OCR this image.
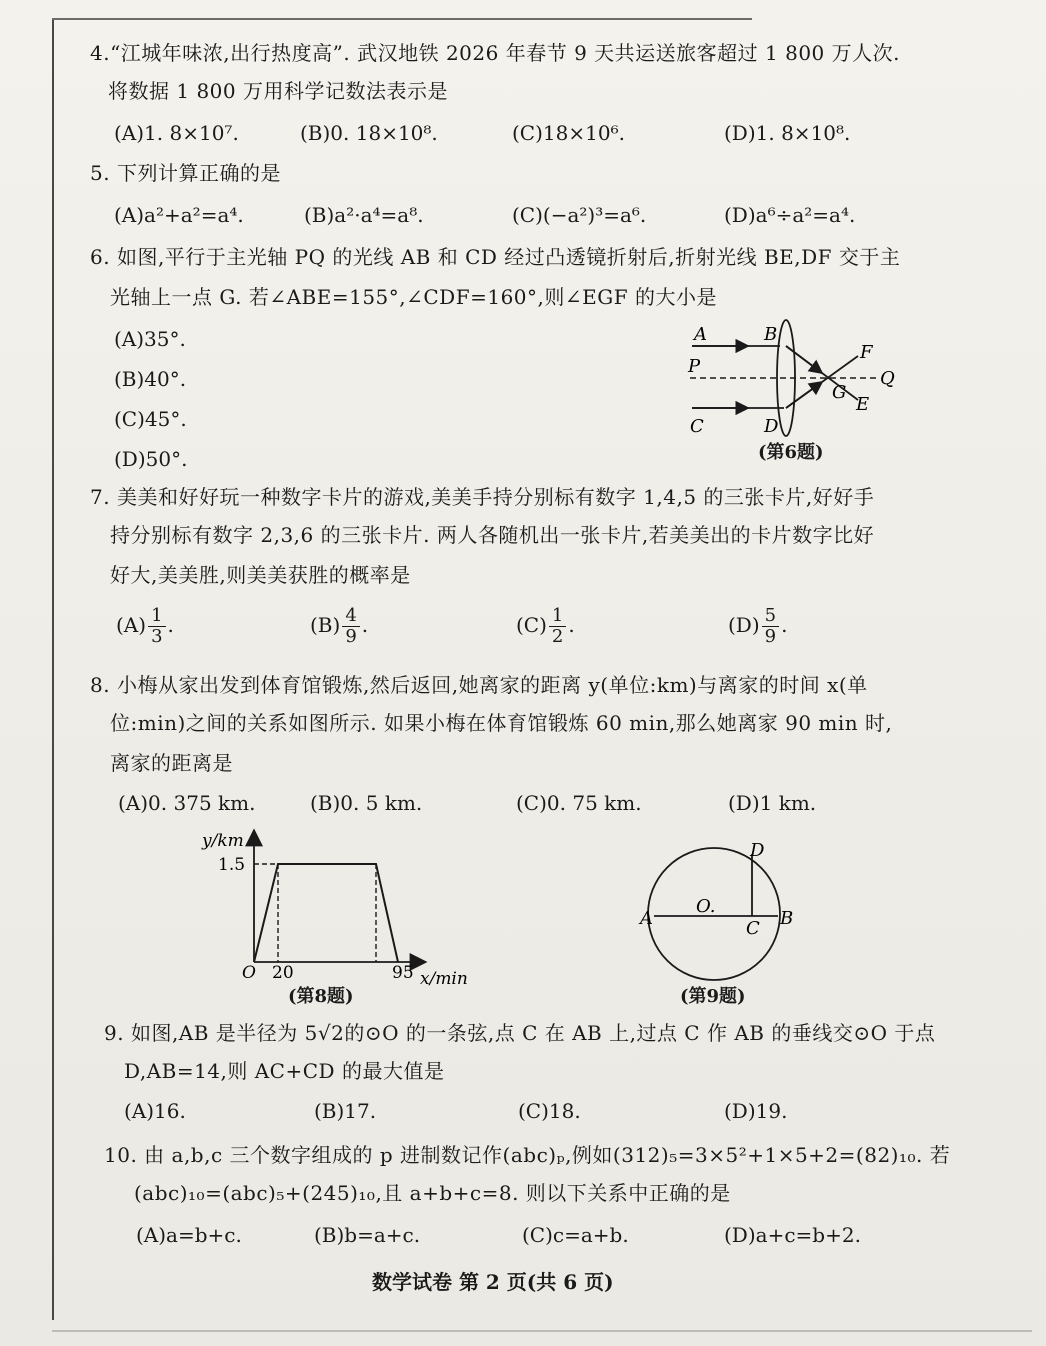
4.“江城年味浓,出行热度高”. 武汉地铁 2026 年春节 9 天共运送旅客超过 1 800 万人次.
将数据 1 800 万用科学记数法表示是
(A)1. 8×10⁷.	(B)0. 18×10⁸.	(C)18×10⁶.	(D)1. 8×10⁸.
5. 下列计算正确的是
(A)a²+a²=a⁴.	(B)a²·a⁴=a⁸.	(C)(−a²)³=a⁶.	(D)a⁶÷a²=a⁴.
6. 如图,平行于主光轴 PQ 的光线 AB 和 CD 经过凸透镜折射后,折射光线 BE,DF 交于主
光轴上一点 G. 若∠ABE=155°,∠CDF=160°,则∠EGF 的大小是
(A)35°.
(B)40°.
(C)45°.
(D)50°.
A	B
P
C	D
F
G
Q
E
(第6题)
7. 美美和好好玩一种数字卡片的游戏,美美手持分别标有数字 1,4,5 的三张卡片,好好手
持分别标有数字 2,3,6 的三张卡片. 两人各随机出一张卡片,若美美出的卡片数字比好
好大,美美胜,则美美获胜的概率是
$(A) \frac{1}{3}$ .	$(B) \frac{4}{9}$ .	$(C) \frac{1}{2}$ .	$(D) \frac{5}{9}$ .
8. 小梅从家出发到体育馆锻炼,然后返回,她离家的距离 y(单位:km)与离家的时间 x(单
位:min)之间的关系如图所示. 如果小梅在体育馆锻炼 60 min,那么她离家 90 min 时,
离家的距离是
(A)0. 375 km.	(B)0. 5 km.	(C)0. 75 km.	(D)1 km.
y/km
1.5
O 20	95 x/min
(第8题)
D
O.
A	C B
(第9题)
9. 如图,AB 是半径为 5√2的⊙O 的一条弦,点 C 在 AB 上,过点 C 作 AB 的垂线交⊙O 于点
D,AB=14,则 AC+CD 的最大值是
(A)16.	(B)17.	(C)18.	(D)19.
10. 由 a,b,c 三个数字组成的 p 进制数记作(abc)ₚ,例如(312)₅=3×5²+1×5+2=(82)₁₀. 若
(abc)₁₀=(abc)₅+(245)₁₀,且 a+b+c=8. 则以下关系中正确的是
(A)a=b+c.	(B)b=a+c.	(C)c=a+b.	(D)a+c=b+2.
数学试卷 第 2 页(共 6 页)
